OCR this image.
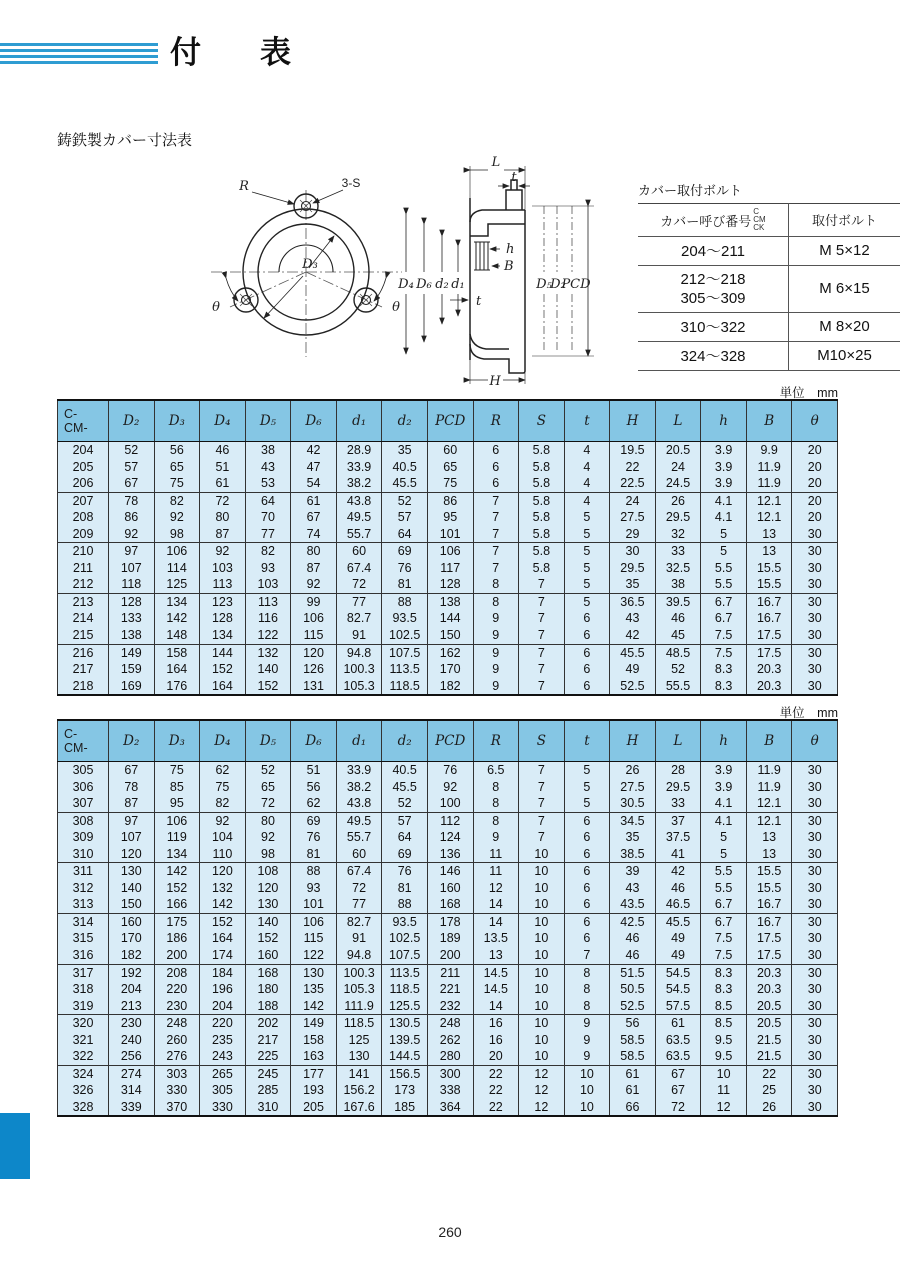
付　表
鋳鉄製カバー寸法表
R	3-S
D₃
θ	θ
L
t
h
B
D₄ D₆ d₂ d₁	D₅
D₂
PCD
t
H
カバー取付ボルト
カバー呼び番号
C
CM
CK	取付ボルト

204〜211	M 5×12

212〜218
305〜309	M 6×15

310〜322	M 8×20

324〜328	M10×25
単位　mm
C-
CM-	D₂	D₃	D₄	D₅	D₆	d₁	d₂	PCD	R	S	t	H	L	h	B	θ
204	52	56	46	38	42	28.9	35	60	6	5.8	4	19.5	20.5	3.9	9.9	20
205	57	65	51	43	47	33.9	40.5	65	6	5.8	4	22	24	3.9	11.9	20
206	67	75	61	53	54	38.2	45.5	75	6	5.8	4	22.5	24.5	3.9	11.9	20
207	78	82	72	64	61	43.8	52	86	7	5.8	4	24	26	4.1	12.1	20
208	86	92	80	70	67	49.5	57	95	7	5.8	5	27.5	29.5	4.1	12.1	20
209	92	98	87	77	74	55.7	64	101	7	5.8	5	29	32	5	13	30
210	97	106	92	82	80	60	69	106	7	5.8	5	30	33	5	13	30
211	107	114	103	93	87	67.4	76	117	7	5.8	5	29.5	32.5	5.5	15.5	30
212	118	125	113	103	92	72	81	128	8	7	5	35	38	5.5	15.5	30
213	128	134	123	113	99	77	88	138	8	7	5	36.5	39.5	6.7	16.7	30
214	133	142	128	116	106	82.7	93.5	144	9	7	6	43	46	6.7	16.7	30
215	138	148	134	122	115	91	102.5	150	9	7	6	42	45	7.5	17.5	30
216	149	158	144	132	120	94.8	107.5	162	9	7	6	45.5	48.5	7.5	17.5	30
217	159	164	152	140	126	100.3	113.5	170	9	7	6	49	52	8.3	20.3	30
218	169	176	164	152	131	105.3	118.5	182	9	7	6	52.5	55.5	8.3	20.3	30
単位　mm
C-
CM-	D₂	D₃	D₄	D₅	D₆	d₁	d₂	PCD	R	S	t	H	L	h	B	θ
305	67	75	62	52	51	33.9	40.5	76	6.5	7	5	26	28	3.9	11.9	30
306	78	85	75	65	56	38.2	45.5	92	8	7	5	27.5	29.5	3.9	11.9	30
307	87	95	82	72	62	43.8	52	100	8	7	5	30.5	33	4.1	12.1	30
308	97	106	92	80	69	49.5	57	112	8	7	6	34.5	37	4.1	12.1	30
309	107	119	104	92	76	55.7	64	124	9	7	6	35	37.5	5	13	30
310	120	134	110	98	81	60	69	136	11	10	6	38.5	41	5	13	30
311	130	142	120	108	88	67.4	76	146	11	10	6	39	42	5.5	15.5	30
312	140	152	132	120	93	72	81	160	12	10	6	43	46	5.5	15.5	30
313	150	166	142	130	101	77	88	168	14	10	6	43.5	46.5	6.7	16.7	30
314	160	175	152	140	106	82.7	93.5	178	14	10	6	42.5	45.5	6.7	16.7	30
315	170	186	164	152	115	91	102.5	189	13.5	10	6	46	49	7.5	17.5	30
316	182	200	174	160	122	94.8	107.5	200	13	10	7	46	49	7.5	17.5	30
317	192	208	184	168	130	100.3	113.5	211	14.5	10	8	51.5	54.5	8.3	20.3	30
318	204	220	196	180	135	105.3	118.5	221	14.5	10	8	50.5	54.5	8.3	20.3	30
319	213	230	204	188	142	111.9	125.5	232	14	10	8	52.5	57.5	8.5	20.5	30
320	230	248	220	202	149	118.5	130.5	248	16	10	9	56	61	8.5	20.5	30
321	240	260	235	217	158	125	139.5	262	16	10	9	58.5	63.5	9.5	21.5	30
322	256	276	243	225	163	130	144.5	280	20	10	9	58.5	63.5	9.5	21.5	30
324	274	303	265	245	177	141	156.5	300	22	12	10	61	67	10	22	30
326	314	330	305	285	193	156.2	173	338	22	12	10	61	67	11	25	30
328	339	370	330	310	205	167.6	185	364	22	12	10	66	72	12	26	30
260
